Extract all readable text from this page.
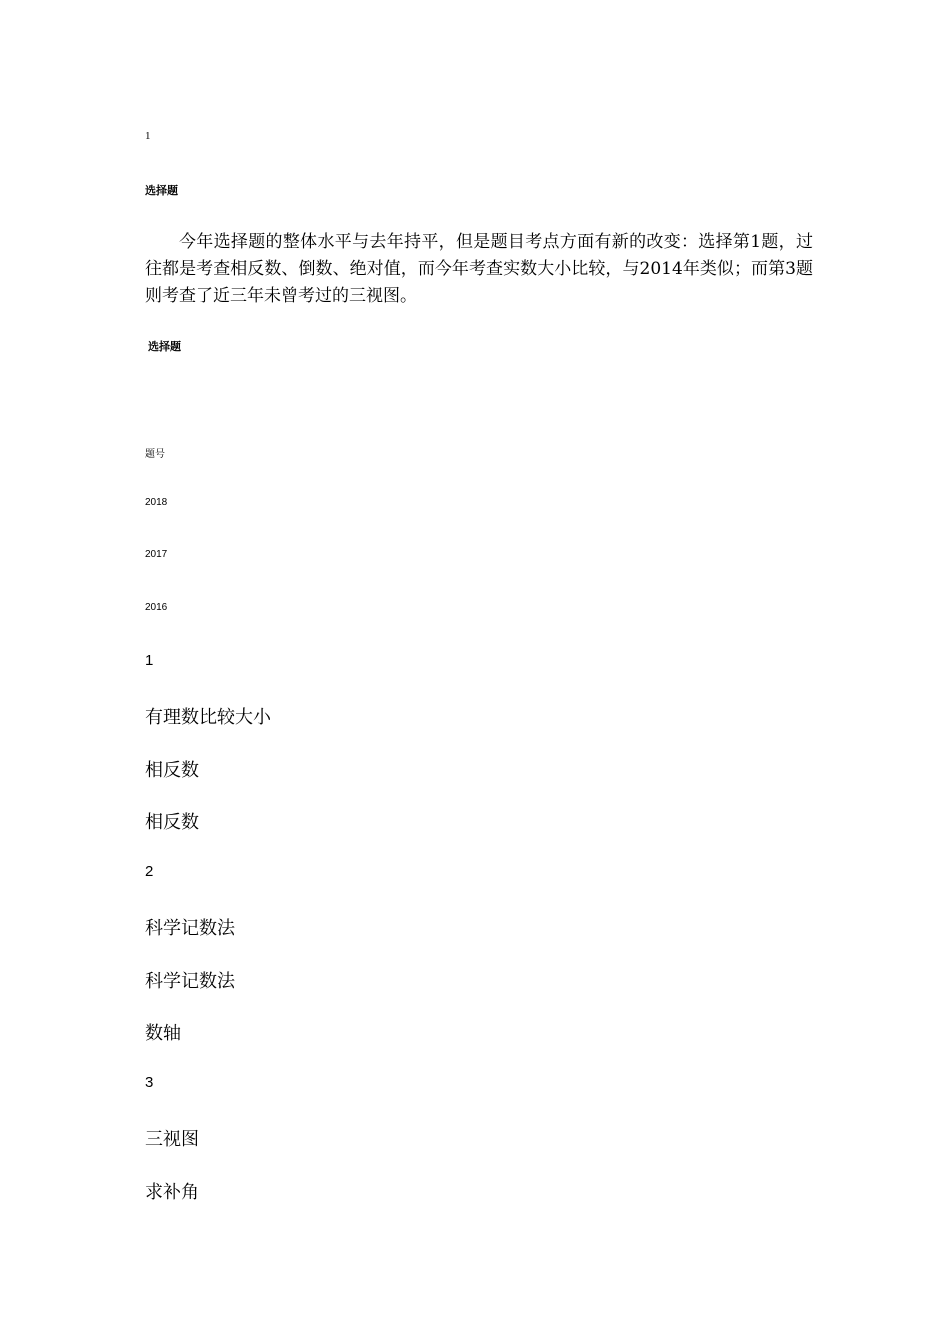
1
选择题

今年选择题的整体水平与去年持平，但是题目考点方面有新的改变：选择第1题，过往都是考查相反数、倒数、绝对值，而今年考查实数大小比较，与2014年类似；而第3题则考查了近三年未曾考过的三视图。

选择题
题号
2018
2017
2016
1
有理数比较大小
相反数
相反数
2
科学记数法
科学记数法
数轴
3
三视图
求补角
